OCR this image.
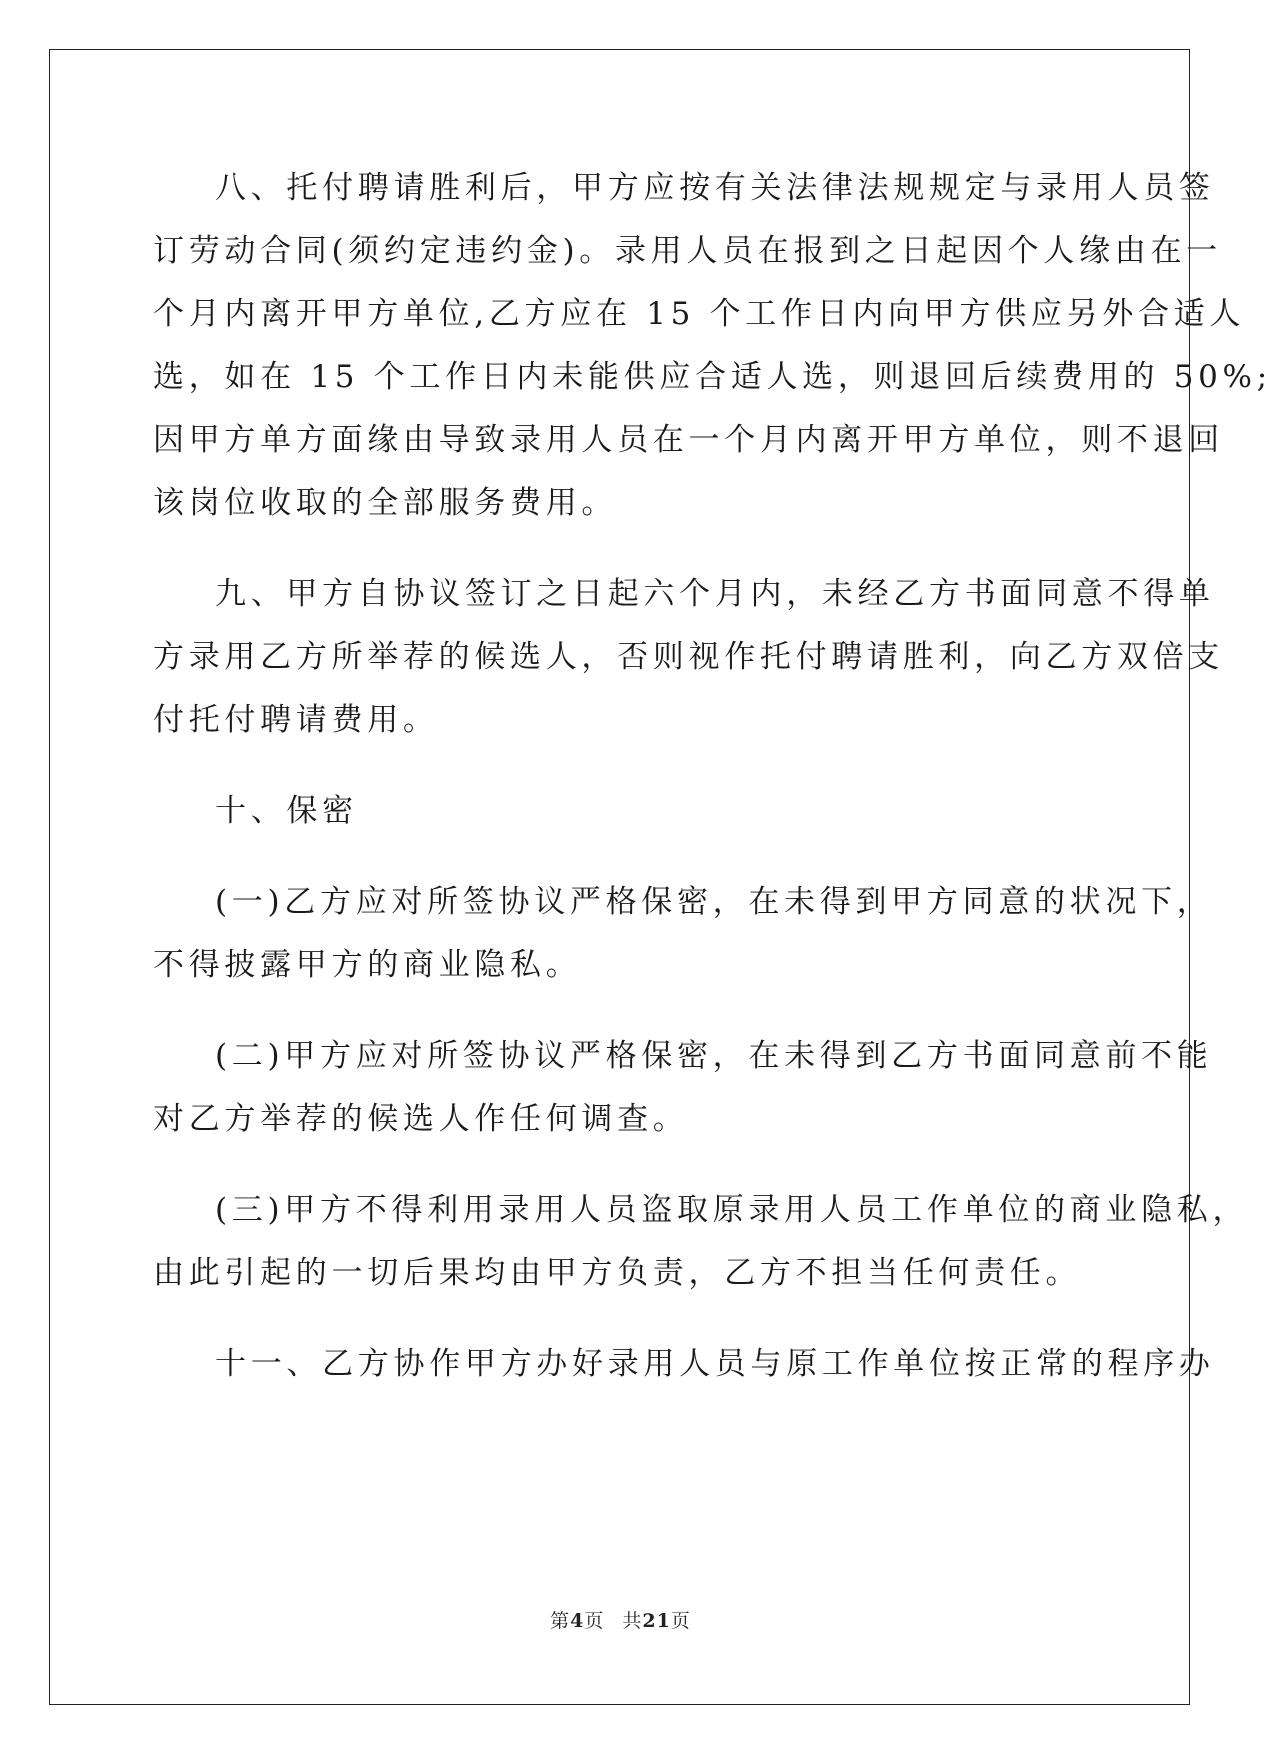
八、托付聘请胜利后，甲方应按有关法律法规规定与录用人员签
订劳动合同(须约定违约金)。录用人员在报到之日起因个人缘由在一
个月内离开甲方单位,乙方应在 15 个工作日内向甲方供应另外合适人
选，如在 15 个工作日内未能供应合适人选，则退回后续费用的 50%;
因甲方单方面缘由导致录用人员在一个月内离开甲方单位，则不退回
该岗位收取的全部服务费用。

九、甲方自协议签订之日起六个月内，未经乙方书面同意不得单
方录用乙方所举荐的候选人，否则视作托付聘请胜利，向乙方双倍支
付托付聘请费用。

十、保密

(一)乙方应对所签协议严格保密，在未得到甲方同意的状况下，
不得披露甲方的商业隐私。

(二)甲方应对所签协议严格保密，在未得到乙方书面同意前不能
对乙方举荐的候选人作任何调查。

(三)甲方不得利用录用人员盗取原录用人员工作单位的商业隐私，
由此引起的一切后果均由甲方负责，乙方不担当任何责任。

十一、乙方协作甲方办好录用人员与原工作单位按正常的程序办

第4页 共21页
